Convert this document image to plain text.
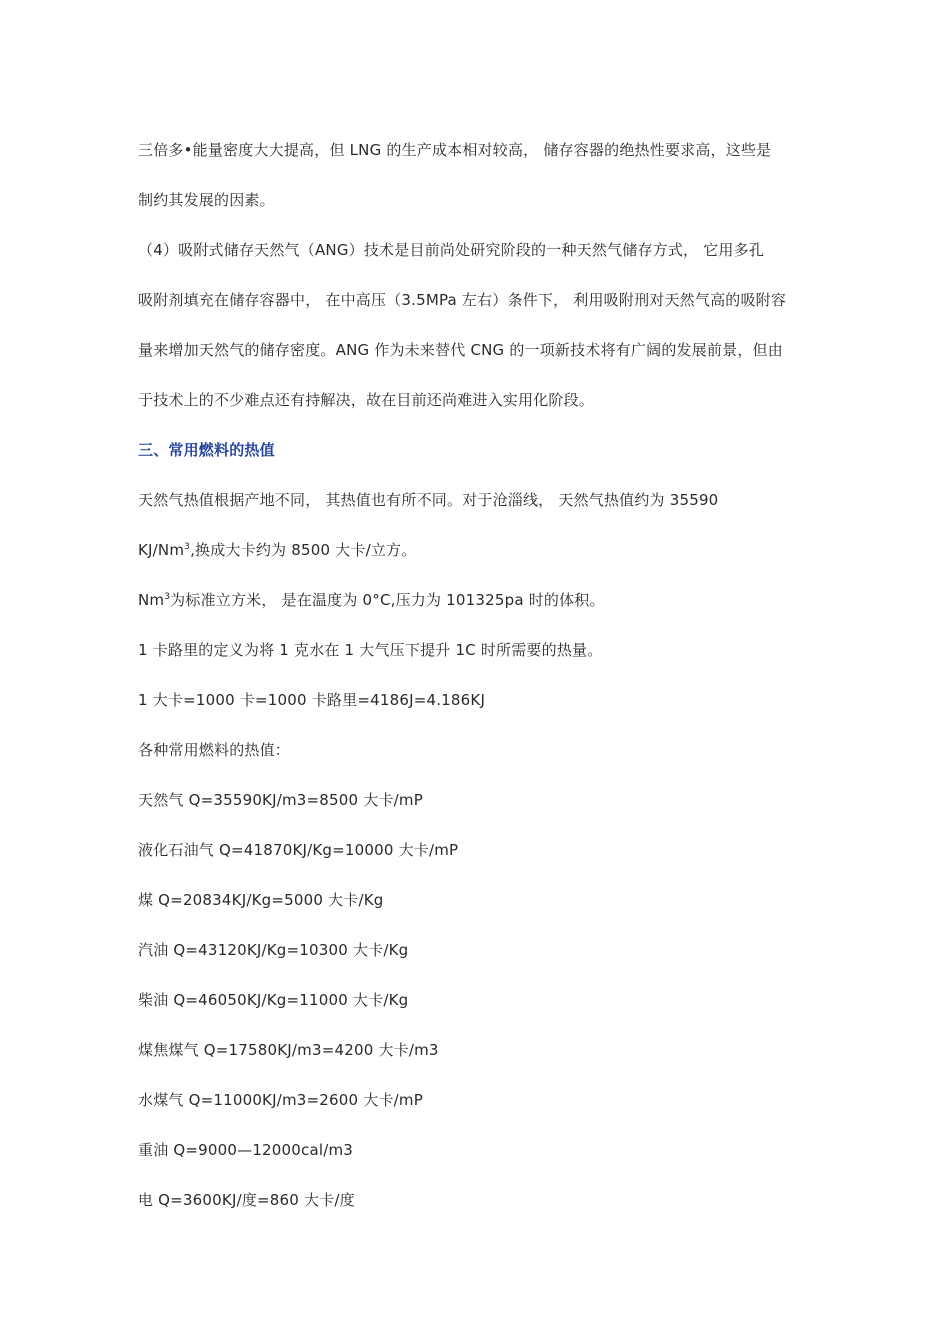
三倍多•能量密度大大提高，但 LNG 的生产成本相对较高， 储存容器的绝热性要求高，这些是
制约其发展的因素。
（4）吸附式储存天然气（ANG）技术是目前尚处研究阶段的一种天然气储存方式， 它用多孔
吸附剂填充在储存容器中， 在中高压（3.5MPa 左右）条件下， 利用吸附刑对天然气高的吸附容
量来增加天然气的储存密度。ANG 作为未来替代 CNG 的一项新技术将有广阔的发展前景，但由
于技术上的不少难点还有持解决，故在目前还尚难进入实用化阶段。
三、常用燃料的热值
天然气热值根据产地不同， 其热值也有所不同。对于沧淄线， 天然气热值约为 35590
KJ/Nm$^3$,换成大卡约为 8500 大卡/立方。
Nm$^3$为标准立方米， 是在温度为 0°C,压力为 101325pa 时的体积。
1 卡路里的定义为将 1 克水在 1 大气压下提升 1C 时所需要的热量。
1 大卡=1000 卡=1000 卡路里=4186J=4.186KJ
各种常用燃料的热值：
天然气 Q=35590KJ/m3=8500 大卡/mP
液化石油气 Q=41870KJ/Kg=10000 大卡/mP
煤 Q=20834KJ/Kg=5000 大卡/Kg
汽油 Q=43120KJ/Kg=10300 大卡/Kg
柴油 Q=46050KJ/Kg=11000 大卡/Kg
煤焦煤气 Q=17580KJ/m3=4200 大卡/m3
水煤气 Q=11000KJ/m3=2600 大卡/mP
重油 Q=9000—12000cal/m3
电 Q=3600KJ/度=860 大卡/度
